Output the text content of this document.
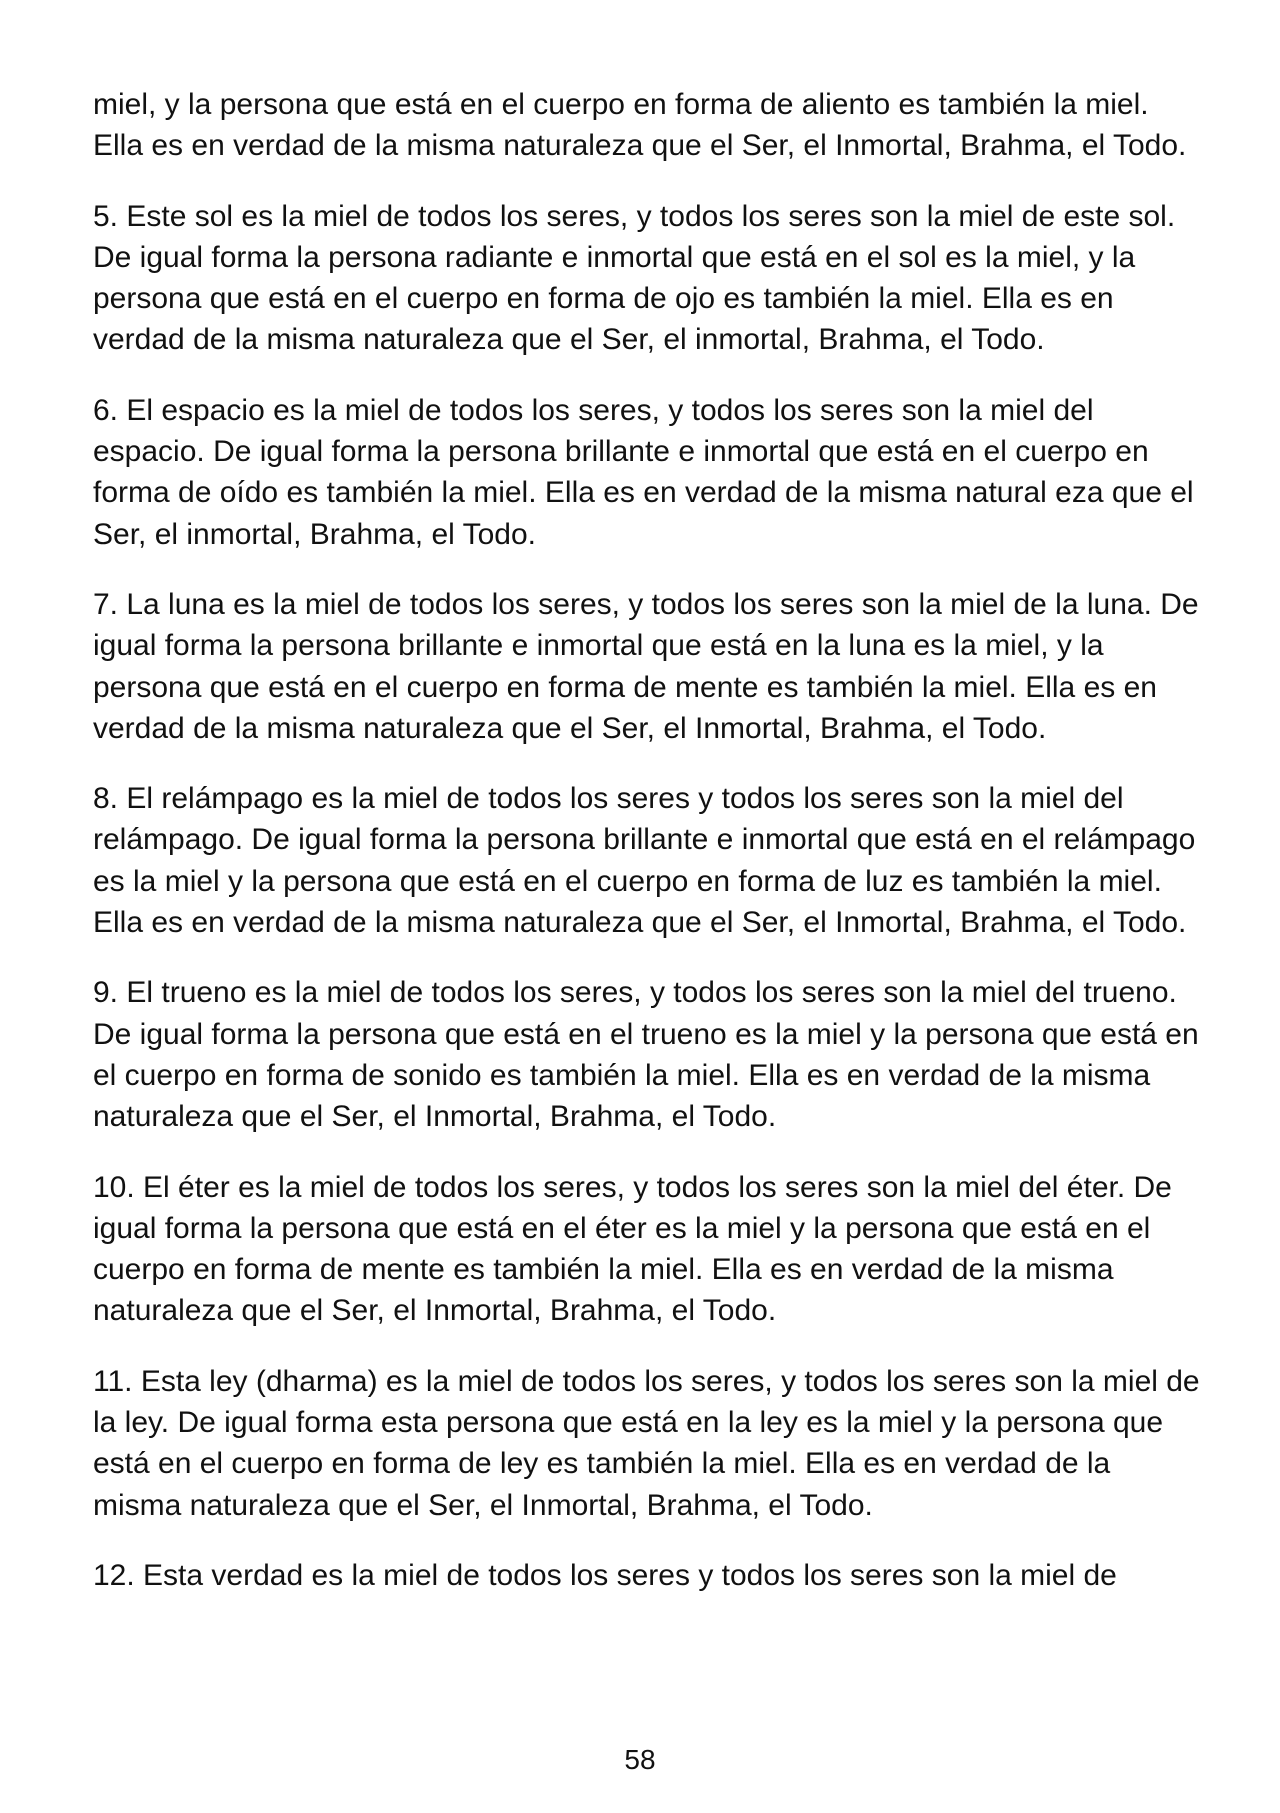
miel, y la persona que está en el cuerpo en forma de aliento es también la miel. Ella es en verdad de la misma naturaleza que el Ser, el Inmortal, Brahma, el Todo.

5. Este sol es la miel de todos los seres, y todos los seres son la miel de este sol. De igual forma la persona radiante e inmortal que está en el sol es la miel, y la persona que está en el cuerpo en forma de ojo es también la miel. Ella es en verdad de la misma naturaleza que el Ser, el inmortal, Brahma, el Todo.

6. El espacio es la miel de todos los seres, y todos los seres son la miel del espacio. De igual forma la persona brillante e inmortal que está en el cuerpo en forma de oído es también la miel. Ella es en verdad de la misma natural eza que el Ser, el inmortal, Brahma, el Todo.

7. La luna es la miel de todos los seres, y todos los seres son la miel de la luna. De igual forma la persona brillante e inmortal que está en la luna es la miel, y la persona que está en el cuerpo en forma de mente es también la miel. Ella es en verdad de la misma naturaleza que el Ser, el Inmortal, Brahma, el Todo.

8. El relámpago es la miel de todos los seres y todos los seres son la miel del relámpago. De igual forma la persona brillante e inmortal que está en el relámpago es la miel y la persona que está en el cuerpo en forma de luz es también la miel. Ella es en verdad de la misma naturaleza que el Ser, el Inmortal, Brahma, el Todo.

9. El trueno es la miel de todos los seres, y todos los seres son la miel del trueno. De igual forma la persona que está en el trueno es la miel y la persona que está en el cuerpo en forma de sonido es también la miel. Ella es en verdad de la misma naturaleza que el Ser, el Inmortal, Brahma, el Todo.

10. El éter es la miel de todos los seres, y todos los seres son la miel del éter. De igual forma la persona que está en el éter es la miel y la persona que está en el cuerpo en forma de mente es también la miel. Ella es en verdad de la misma naturaleza que el Ser, el Inmortal, Brahma, el Todo.

11. Esta ley (dharma) es la miel de todos los seres, y todos los seres son la miel de la ley. De igual forma esta persona que está en la ley es la miel y la persona que está en el cuerpo en forma de ley es también la miel. Ella es en verdad de la misma naturaleza que el Ser, el Inmortal, Brahma, el Todo.

12. Esta verdad es la miel de todos los seres y todos los seres son la miel de

58
